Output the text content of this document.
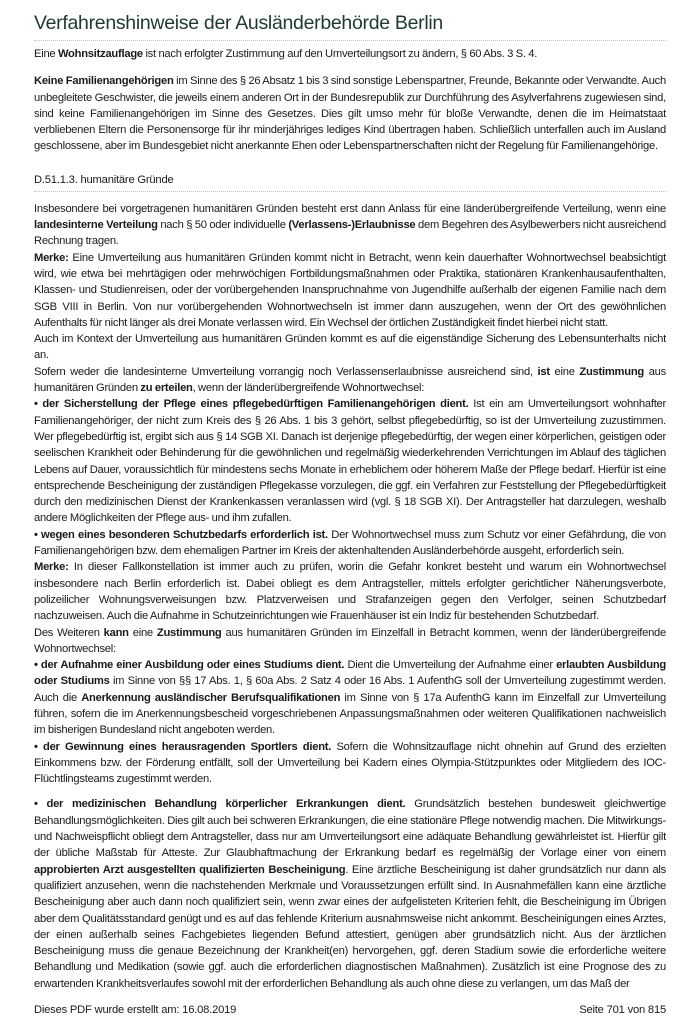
Verfahrenshinweise der Ausländerbehörde Berlin

Eine Wohnsitzauflage ist nach erfolgter Zustimmung auf den Umverteilungsort zu ändern, § 60 Abs. 3 S. 4.

Keine Familienangehörigen im Sinne des § 26 Absatz 1 bis 3 sind sonstige Lebenspartner, Freunde, Bekannte oder Verwandte. Auch unbegleitete Geschwister, die jeweils einem anderen Ort in der Bundesrepublik zur Durchführung des Asylverfahrens zugewiesen sind, sind keine Familienangehörigen im Sinne des Gesetzes. Dies gilt umso mehr für bloße Verwandte, denen die im Heimatstaat verbliebenen Eltern die Personensorge für ihr minderjähriges lediges Kind übertragen haben. Schließlich unterfallen auch im Ausland geschlossene, aber im Bundesgebiet nicht anerkannte Ehen oder Lebenspartnerschaften nicht der Regelung für Familienangehörige.

D.51.1.3. humanitäre Gründe

Insbesondere bei vorgetragenen humanitären Gründen besteht erst dann Anlass für eine länderübergreifende Verteilung, wenn eine landesinterne Verteilung nach § 50 oder individuelle (Verlassens-)Erlaubnisse dem Begehren des Asylbewerbers nicht ausreichend Rechnung tragen.

Merke: Eine Umverteilung aus humanitären Gründen kommt nicht in Betracht, wenn kein dauerhafter Wohnortwechsel beabsichtigt wird, wie etwa bei mehrtägigen oder mehrwöchigen Fortbildungsmaßnahmen oder Praktika, stationären Krankenhausaufenthalten, Klassen- und Studienreisen, oder der vorübergehenden Inanspruchnahme von Jugendhilfe außerhalb der eigenen Familie nach dem SGB VIII in Berlin. Von nur vorübergehenden Wohnortwechseln ist immer dann auszugehen, wenn der Ort des gewöhnlichen Aufenthalts für nicht länger als drei Monate verlassen wird. Ein Wechsel der örtlichen Zuständigkeit findet hierbei nicht statt.

Auch im Kontext der Umverteilung aus humanitären Gründen kommt es auf die eigenständige Sicherung des Lebensunterhalts nicht an.

Sofern weder die landesinterne Umverteilung vorrangig noch Verlassenserlaubnisse ausreichend sind, ist eine Zustimmung aus humanitären Gründen zu erteilen, wenn der länderübergreifende Wohnortwechsel:

• der Sicherstellung der Pflege eines pflegebedürftigen Familienangehörigen dient. Ist ein am Umverteilungsort wohnhafter Familienangehöriger, der nicht zum Kreis des § 26 Abs. 1 bis 3 gehört, selbst pflegebedürftig, so ist der Umverteilung zuzustimmen. Wer pflegebedürftig ist, ergibt sich aus § 14 SGB XI. Danach ist derjenige pflegebedürftig, der wegen einer körperlichen, geistigen oder seelischen Krankheit oder Behinderung für die gewöhnlichen und regelmäßig wiederkehrenden Verrichtungen im Ablauf des täglichen Lebens auf Dauer, voraussichtlich für mindestens sechs Monate in erheblichem oder höherem Maße der Pflege bedarf. Hierfür ist eine entsprechende Bescheinigung der zuständigen Pflegekasse vorzulegen, die ggf. ein Verfahren zur Feststellung der Pflegebedürftigkeit durch den medizinischen Dienst der Krankenkassen veranlassen wird (vgl. § 18 SGB XI). Der Antragsteller hat darzulegen, weshalb andere Möglichkeiten der Pflege aus- und ihm zufallen.

• wegen eines besonderen Schutzbedarfs erforderlich ist. Der Wohnortwechsel muss zum Schutz vor einer Gefährdung, die von Familienangehörigen bzw. dem ehemaligen Partner im Kreis der aktenhaltenden Ausländerbehörde ausgeht, erforderlich sein.

Merke: In dieser Fallkonstellation ist immer auch zu prüfen, worin die Gefahr konkret besteht und warum ein Wohnortwechsel insbesondere nach Berlin erforderlich ist. Dabei obliegt es dem Antragsteller, mittels erfolgter gerichtlicher Näherungsverbote, polizeilicher Wohnungsverweisungen bzw. Platzverweisen und Strafanzeigen gegen den Verfolger, seinen Schutzbedarf nachzuweisen. Auch die Aufnahme in Schutzeinrichtungen wie Frauenhäuser ist ein Indiz für bestehenden Schutzbedarf.

Des Weiteren kann eine Zustimmung aus humanitären Gründen im Einzelfall in Betracht kommen, wenn der länderübergreifende Wohnortwechsel:

• der Aufnahme einer Ausbildung oder eines Studiums dient. Dient die Umverteilung der Aufnahme einer erlaubten Ausbildung oder Studiums im Sinne von §§ 17 Abs. 1, § 60a Abs. 2 Satz 4 oder 16 Abs. 1 AufenthG soll der Umverteilung zugestimmt werden. Auch die Anerkennung ausländischer Berufsqualifikationen im Sinne von § 17a AufenthG kann im Einzelfall zur Umverteilung führen, sofern die im Anerkennungsbescheid vorgeschriebenen Anpassungsmaßnahmen oder weiteren Qualifikationen nachweislich im bisherigen Bundesland nicht angeboten werden.

• der Gewinnung eines herausragenden Sportlers dient. Sofern die Wohnsitzauflage nicht ohnehin auf Grund des erzielten Einkommens bzw. der Förderung entfällt, soll der Umverteilung bei Kadern eines Olympia-Stützpunktes oder Mitgliedern des IOC-Flüchtlingsteams zugestimmt werden.

• der medizinischen Behandlung körperlicher Erkrankungen dient. Grundsätzlich bestehen bundesweit gleichwertige Behandlungsmöglichkeiten. Dies gilt auch bei schweren Erkrankungen, die eine stationäre Pflege notwendig machen. Die Mitwirkungs- und Nachweispflicht obliegt dem Antragsteller, dass nur am Umverteilungsort eine adäquate Behandlung gewährleistet ist. Hierfür gilt der übliche Maßstab für Atteste. Zur Glaubhaftmachung der Erkrankung bedarf es regelmäßig der Vorlage einer von einem approbierten Arzt ausgestellten qualifizierten Bescheinigung. Eine ärztliche Bescheinigung ist daher grundsätzlich nur dann als qualifiziert anzusehen, wenn die nachstehenden Merkmale und Voraussetzungen erfüllt sind. In Ausnahmefällen kann eine ärztliche Bescheinigung aber auch dann noch qualifiziert sein, wenn zwar eines der aufgelisteten Kriterien fehlt, die Bescheinigung im Übrigen aber dem Qualitätsstandard genügt und es auf das fehlende Kriterium ausnahmsweise nicht ankommt. Bescheinigungen eines Arztes, der einen außerhalb seines Fachgebietes liegenden Befund attestiert, genügen aber grundsätzlich nicht. Aus der ärztlichen Bescheinigung muss die genaue Bezeichnung der Krankheit(en) hervorgehen, ggf. deren Stadium sowie die erforderliche weitere Behandlung und Medikation (sowie ggf. auch die erforderlichen diagnostischen Maßnahmen). Zusätzlich ist eine Prognose des zu erwartenden Krankheitsverlaufes sowohl mit der erforderlichen Behandlung als auch ohne diese zu verlangen, um das Maß der

Dieses PDF wurde erstellt am: 16.08.2019	Seite 701 von 815
